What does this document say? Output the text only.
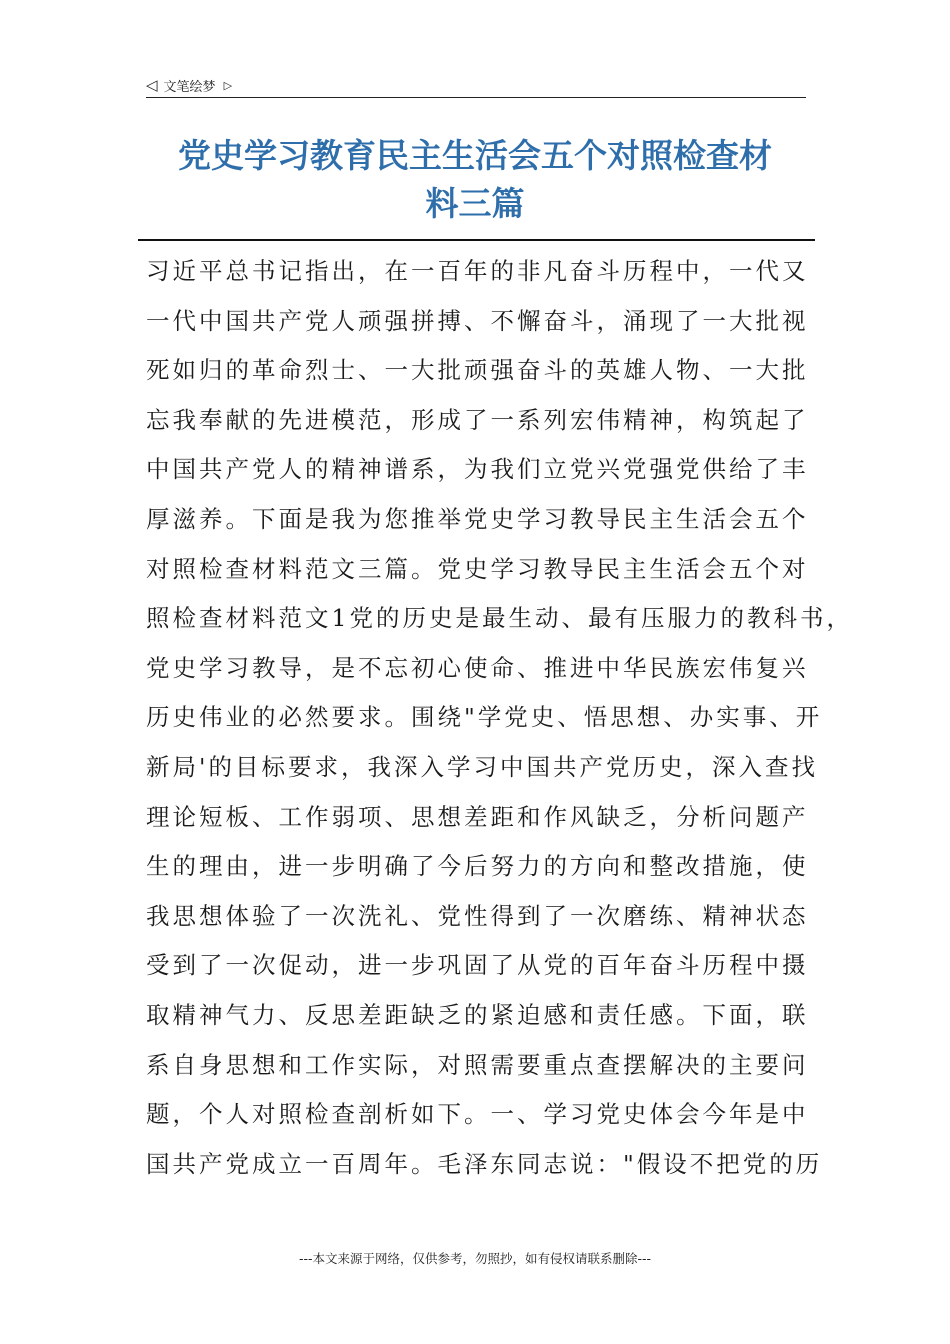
◁ 文笔绘梦 ▷
党史学习教育民主生活会五个对照检查材
料三篇
习近平总书记指出，在一百年的非凡奋斗历程中，一代又
一代中国共产党人顽强拼搏、不懈奋斗，涌现了一大批视
死如归的革命烈士、一大批顽强奋斗的英雄人物、一大批
忘我奉献的先进模范，形成了一系列宏伟精神，构筑起了
中国共产党人的精神谱系，为我们立党兴党强党供给了丰
厚滋养。下面是我为您推举党史学习教导民主生活会五个
对照检查材料范文三篇。党史学习教导民主生活会五个对
照检查材料范文1党的历史是最生动、最有压服力的教科书，
党史学习教导，是不忘初心使命、推进中华民族宏伟复兴
历史伟业的必然要求。围绕"学党史、悟思想、办实事、开
新局'的目标要求，我深入学习中国共产党历史，深入查找
理论短板、工作弱项、思想差距和作风缺乏，分析问题产
生的理由，进一步明确了今后努力的方向和整改措施，使
我思想体验了一次洗礼、党性得到了一次磨练、精神状态
受到了一次促动，进一步巩固了从党的百年奋斗历程中摄
取精神气力、反思差距缺乏的紧迫感和责任感。下面，联
系自身思想和工作实际，对照需要重点查摆解决的主要问
题，个人对照检查剖析如下。一、学习党史体会今年是中
国共产党成立一百周年。毛泽东同志说："假设不把党的历
---本文来源于网络，仅供参考，勿照抄，如有侵权请联系删除---
